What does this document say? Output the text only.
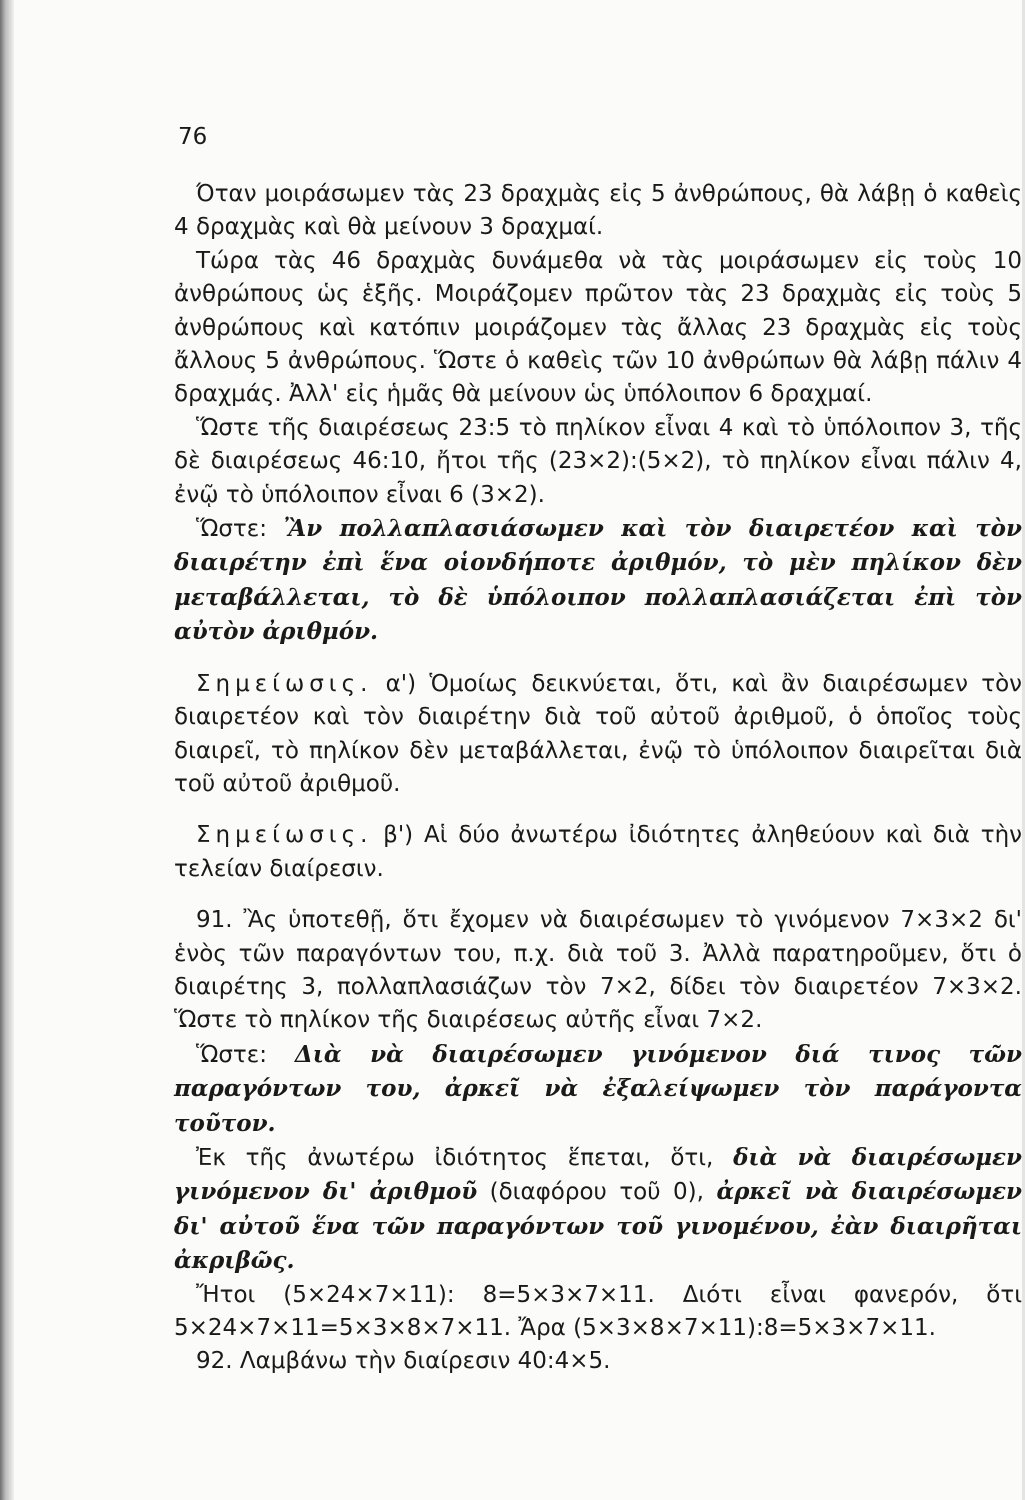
76

Όταν μοιράσωμεν τὰς 23 δραχμὰς εἰς 5 ἀνθρώπους, θὰ λάβῃ ὁ καθεὶς 4 δραχμὰς καὶ θὰ μείνουν 3 δραχμαί.

Τώρα τὰς 46 δραχμὰς δυνάμεθα νὰ τὰς μοιράσωμεν εἰς τοὺς 10 ἀνθρώπους ὡς ἑξῆς. Μοιράζομεν πρῶτον τὰς 23 δραχμὰς εἰς τοὺς 5 ἀνθρώπους καὶ κατόπιν μοιράζομεν τὰς ἄλλας 23 δραχμὰς εἰς τοὺς ἄλλους 5 ἀνθρώπους. Ὥστε ὁ καθεὶς τῶν 10 ἀνθρώπων θὰ λάβῃ πάλιν 4 δραχμάς. Ἀλλ' εἰς ἡμᾶς θὰ μείνουν ὡς ὑπόλοιπον 6 δραχμαί.

Ὥστε τῆς διαιρέσεως 23:5 τὸ πηλίκον εἶναι 4 καὶ τὸ ὑπόλοιπον 3, τῆς δὲ διαιρέσεως 46:10, ἤτοι τῆς (23×2):(5×2), τὸ πηλίκον εἶναι πάλιν 4, ἐνῷ τὸ ὑπόλοιπον εἶναι 6 (3×2).

Ὥστε: Ἂν πολλαπλασιάσωμεν καὶ τὸν διαιρετέον καὶ τὸν διαιρέτην ἐπὶ ἕνα οἱονδήποτε ἀριθμόν, τὸ μὲν πηλίκον δὲν μεταβάλλεται, τὸ δὲ ὑπόλοιπον πολλαπλασιάζεται ἐπὶ τὸν αὐτὸν ἀριθμόν.

Σημείωσις. α') Ὁμοίως δεικνύεται, ὅτι, καὶ ἂν διαιρέσωμεν τὸν διαιρετέον καὶ τὸν διαιρέτην διὰ τοῦ αὐτοῦ ἀριθμοῦ, ὁ ὁποῖος τοὺς διαιρεῖ, τὸ πηλίκον δὲν μεταβάλλεται, ἐνῷ τὸ ὑπόλοιπον διαιρεῖται διὰ τοῦ αὐτοῦ ἀριθμοῦ.

Σημείωσις. β') Αἱ δύο ἀνωτέρω ἰδιότητες ἀληθεύουν καὶ διὰ τὴν τελείαν διαίρεσιν.

91. Ἂς ὑποτεθῇ, ὅτι ἔχομεν νὰ διαιρέσωμεν τὸ γινόμενον 7×3×2 δι' ἑνὸς τῶν παραγόντων του, π.χ. διὰ τοῦ 3. Ἀλλὰ παρατηροῦμεν, ὅτι ὁ διαιρέτης 3, πολλαπλασιάζων τὸν 7×2, δίδει τὸν διαιρετέον 7×3×2. Ὥστε τὸ πηλίκον τῆς διαιρέσεως αὐτῆς εἶναι 7×2.

Ὥστε: Διὰ νὰ διαιρέσωμεν γινόμενον διά τινος τῶν παραγόντων του, ἀρκεῖ νὰ ἐξαλείψωμεν τὸν παράγοντα τοῦτον.

Ἐκ τῆς ἀνωτέρω ἰδιότητος ἕπεται, ὅτι, διὰ νὰ διαιρέσωμεν γινόμενον δι' ἀριθμοῦ (διαφόρου τοῦ 0), ἀρκεῖ νὰ διαιρέσωμεν δι' αὐτοῦ ἕνα τῶν παραγόντων τοῦ γινομένου, ἐὰν διαιρῆται ἀκριβῶς.

Ἤτοι (5×24×7×11): 8=5×3×7×11. Διότι εἶναι φανερόν, ὅτι 5×24×7×11=5×3×8×7×11. Ἄρα (5×3×8×7×11):8=5×3×7×11.

92. Λαμβάνω τὴν διαίρεσιν 40:4×5.
